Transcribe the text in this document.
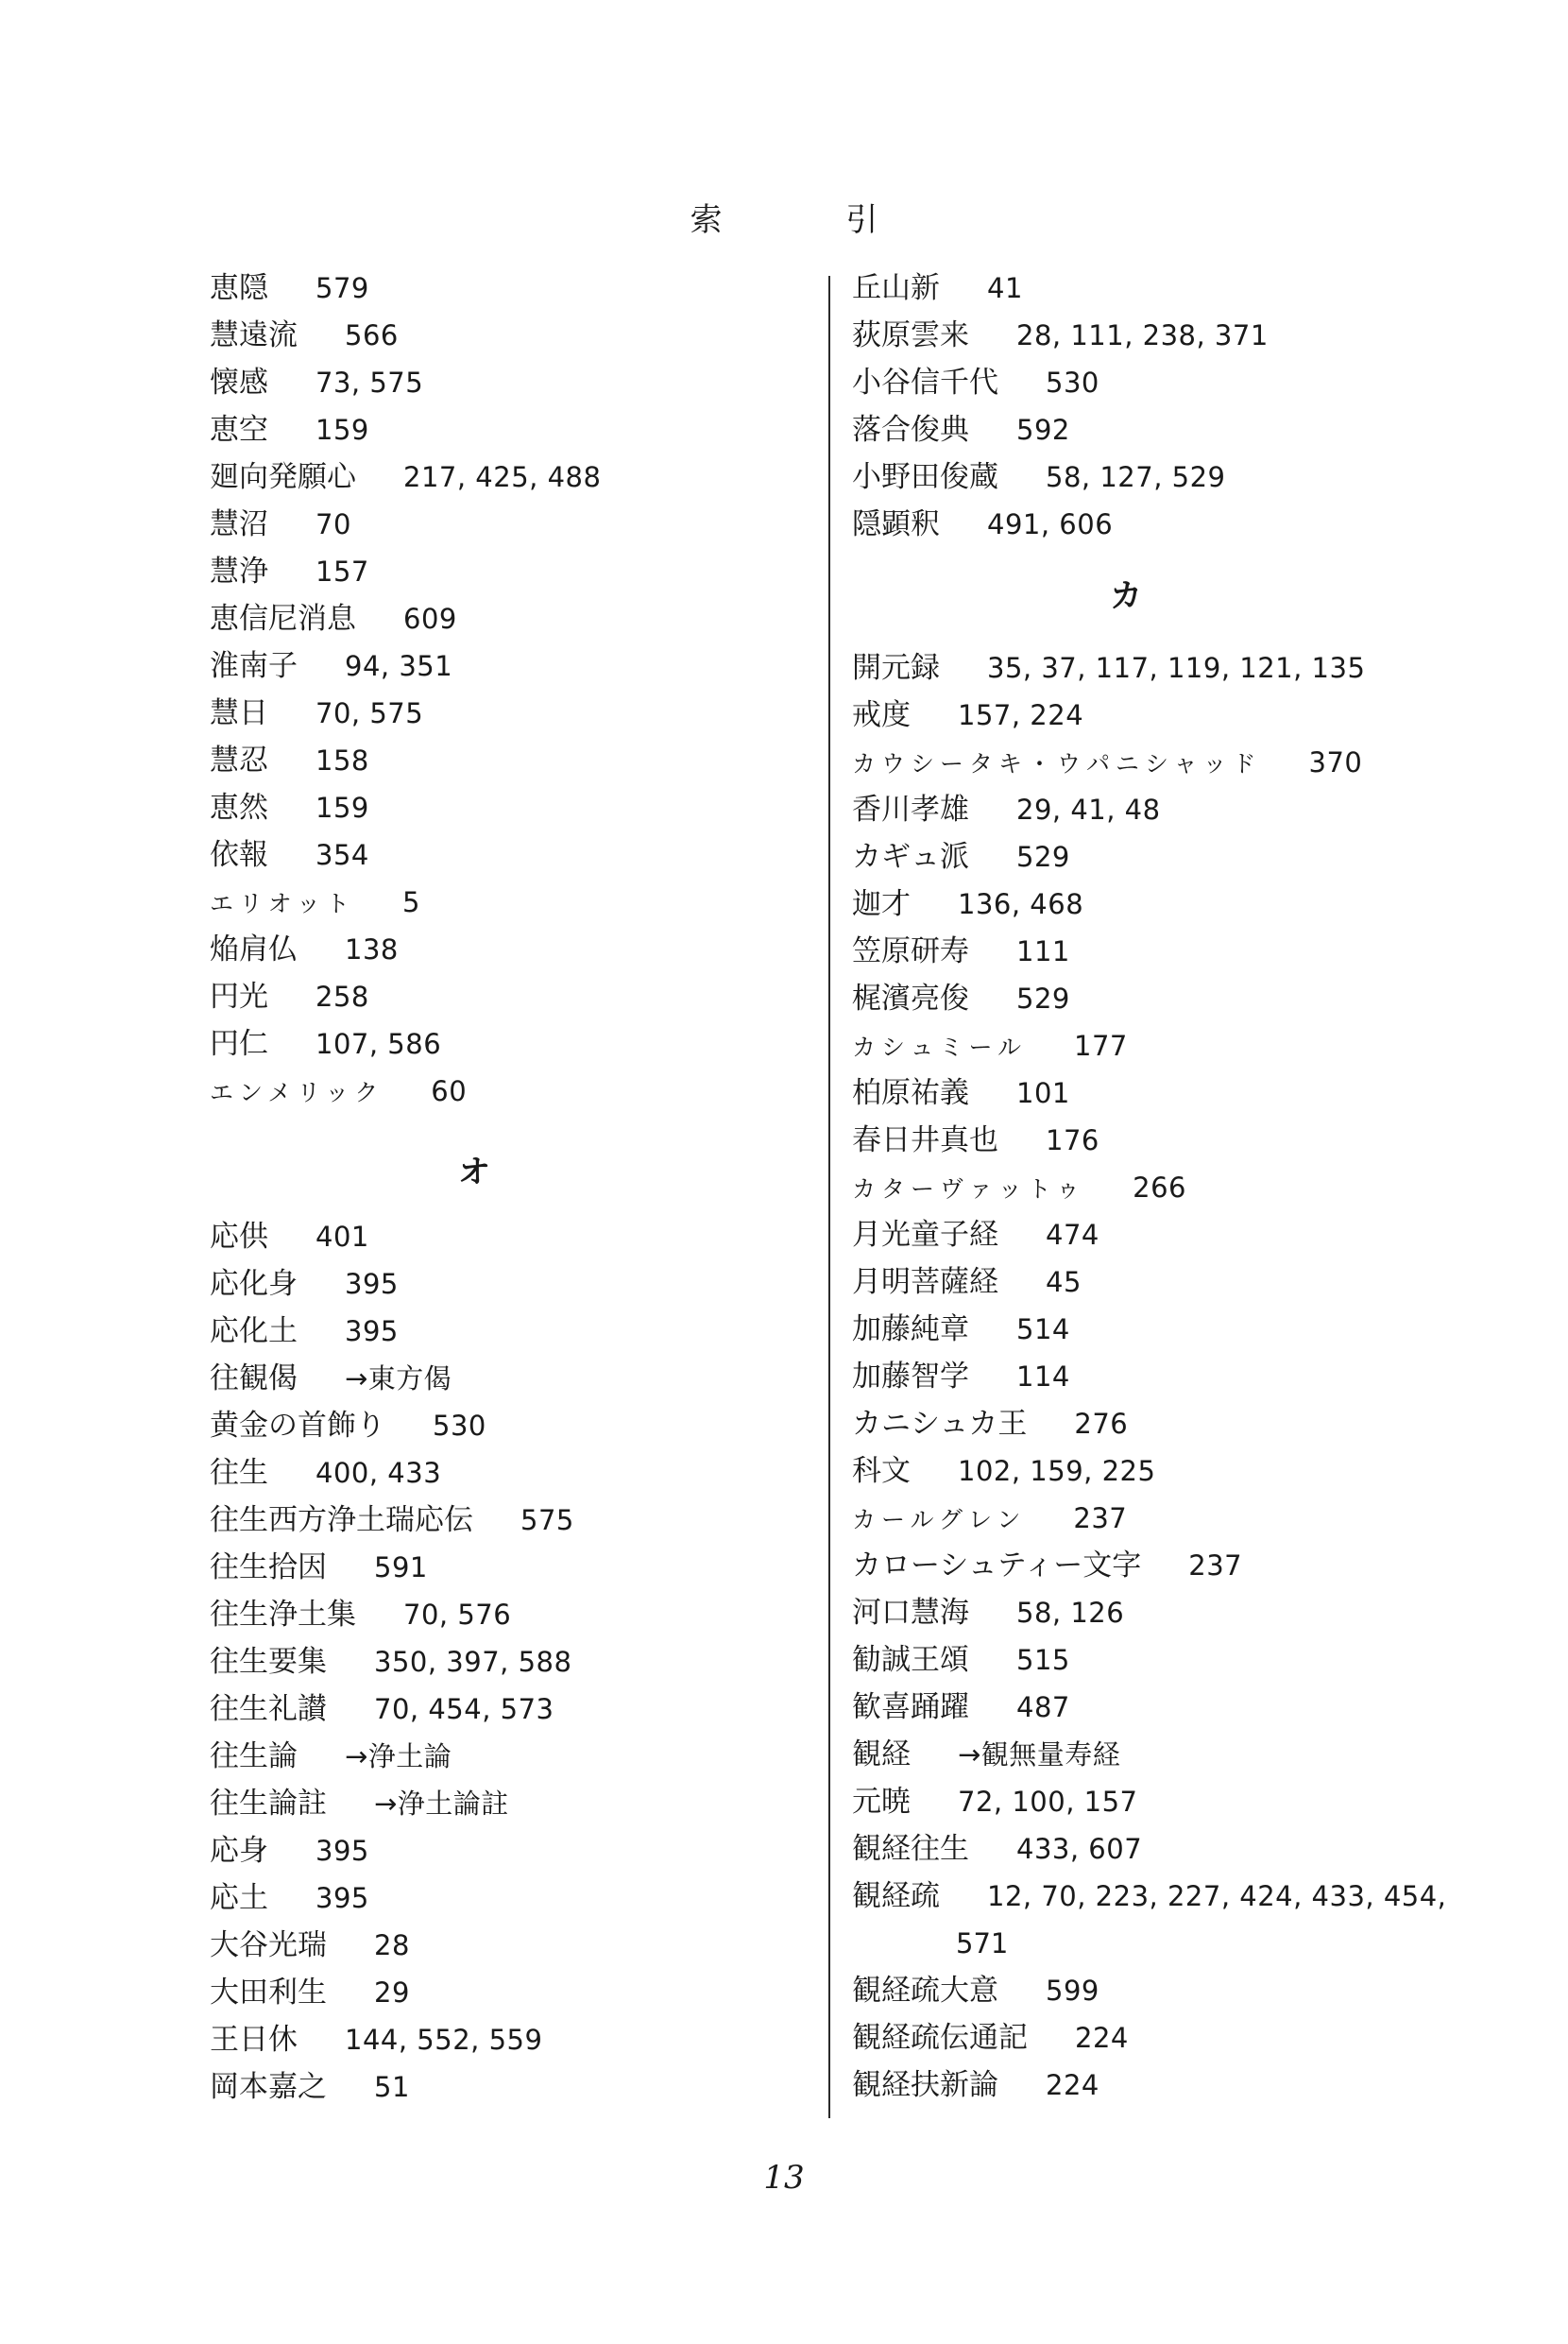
索 引
恵隠 579
慧遠流 566
懐感 73, 575
恵空 159
廻向発願心 217, 425, 488
慧沼 70
慧浄 157
恵信尼消息 609
淮南子 94, 351
慧日 70, 575
慧忍 158
恵然 159
依報 354
エリオット 5
焔肩仏 138
円光 258
円仁 107, 586
エンメリック 60
オ
応供 401
応化身 395
応化土 395
往観偈 →東方偈
黄金の首飾り 530
往生 400, 433
往生西方浄土瑞応伝 575
往生拾因 591
往生浄土集 70, 576
往生要集 350, 397, 588
往生礼讃 70, 454, 573
往生論 →浄土論
往生論註 →浄土論註
応身 395
応土 395
大谷光瑞 28
大田利生 29
王日休 144, 552, 559
岡本嘉之 51
丘山新 41
荻原雲来 28, 111, 238, 371
小谷信千代 530
落合俊典 592
小野田俊蔵 58, 127, 529
隠顕釈 491, 606
カ
開元録 35, 37, 117, 119, 121, 135
戒度 157, 224
カウシータキ・ウパニシャッド 370
香川孝雄 29, 41, 48
カギュ派 529
迦才 136, 468
笠原研寿 111
梶濱亮俊 529
カシュミール 177
柏原祐義 101
春日井真也 176
カターヴァットゥ 266
月光童子経 474
月明菩薩経 45
加藤純章 514
加藤智学 114
カニシュカ王 276
科文 102, 159, 225
カールグレン 237
カローシュティー文字 237
河口慧海 58, 126
勧誠王頌 515
歓喜踊躍 487
観経 →観無量寿経
元暁 72, 100, 157
観経往生 433, 607
観経疏 12, 70, 223, 227, 424, 433, 454,
571
観経疏大意 599
観経疏伝通記 224
観経扶新論 224
13
